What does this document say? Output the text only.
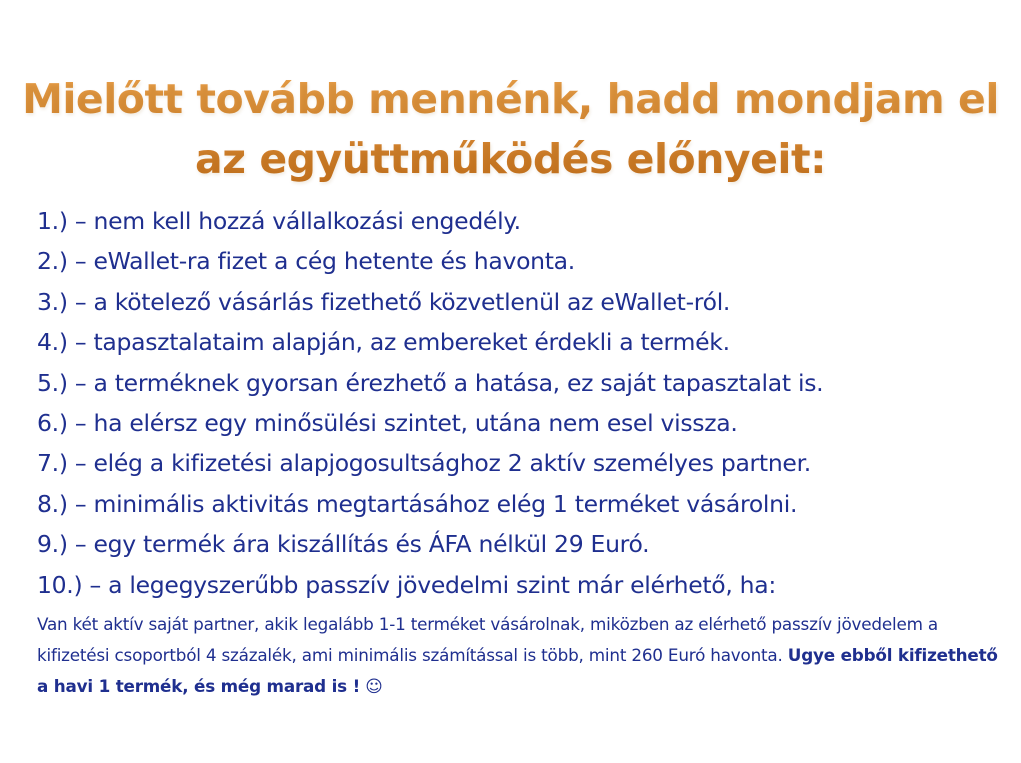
Mielőtt tovább mennénk, hadd mondjam el
az együttműködés előnyeit:
1.) – nem kell hozzá vállalkozási engedély.
2.) – eWallet-ra fizet a cég hetente és havonta.
3.) – a kötelező vásárlás fizethető közvetlenül az eWallet-ról.
4.) – tapasztalataim alapján, az embereket érdekli a termék.
5.) – a terméknek gyorsan érezhető a hatása, ez saját tapasztalat is.
6.) – ha elérsz egy minősülési szintet, utána nem esel vissza.
7.) – elég a kifizetési alapjogosultsághoz 2 aktív személyes partner.
8.) – minimális aktivitás megtartásához elég 1 terméket vásárolni.
9.) – egy termék ára kiszállítás és ÁFA nélkül 29 Euró.
10.) – a legegyszerűbb passzív jövedelmi szint már elérhető, ha:

Van két aktív saját partner, akik legalább 1-1 terméket vásárolnak, miközben az elérhető passzív jövedelem a kifizetési csoportból 4 százalék, ami minimális számítással is több, mint 260 Euró havonta. Ugye ebből kifizethető a havi 1 termék, és még marad is ! ☺
